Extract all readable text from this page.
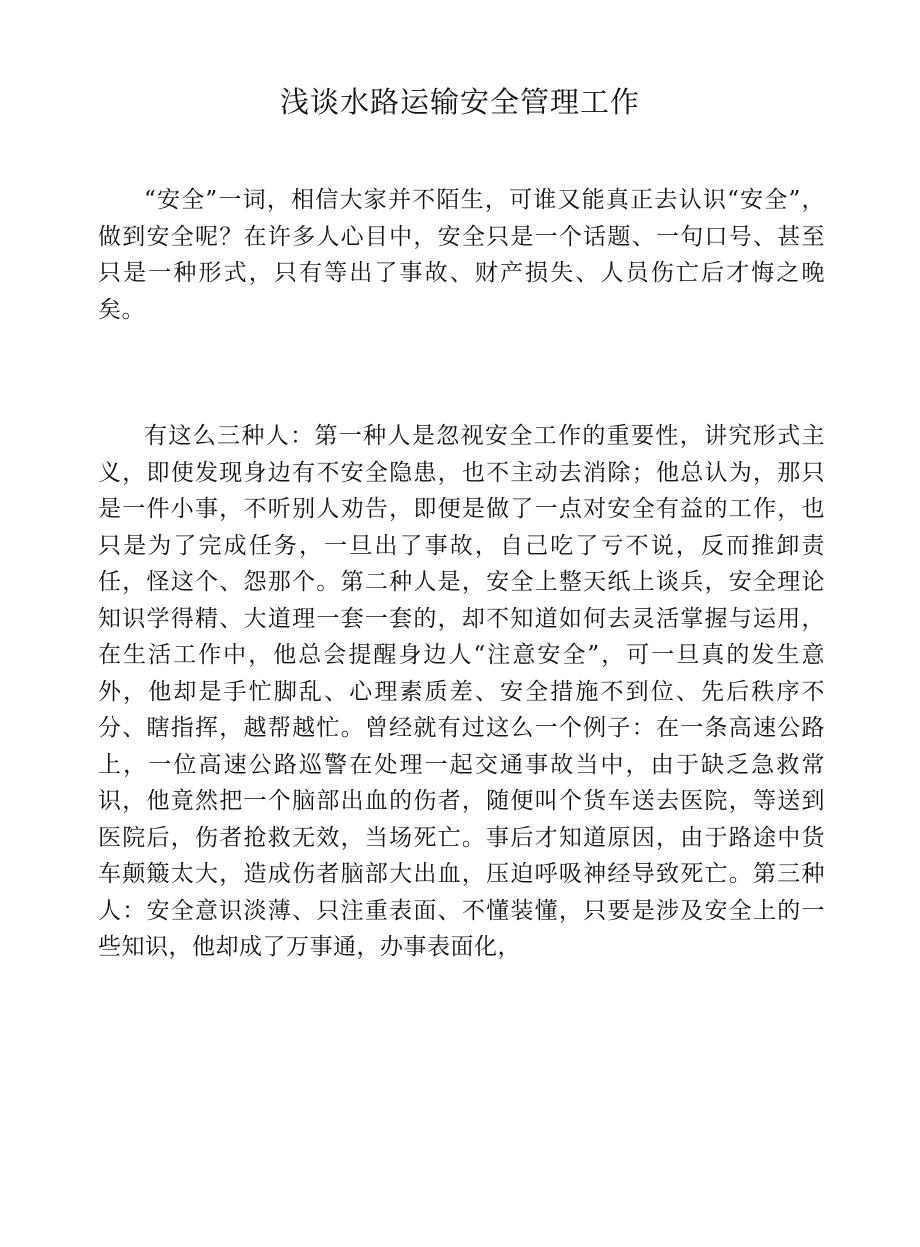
浅谈水路运输安全管理工作

“安全”一词，相信大家并不陌生，可谁又能真正去认识“安全”，做到安全呢？在许多人心目中，安全只是一个话题、一句口号、甚至只是一种形式，只有等出了事故、财产损失、人员伤亡后才悔之晚矣。

有这么三种人：第一种人是忽视安全工作的重要性，讲究形式主义，即使发现身边有不安全隐患，也不主动去消除；他总认为，那只是一件小事，不听别人劝告，即便是做了一点对安全有益的工作，也只是为了完成任务，一旦出了事故，自己吃了亏不说，反而推卸责任，怪这个、怨那个。第二种人是，安全上整天纸上谈兵，安全理论知识学得精、大道理一套一套的，却不知道如何去灵活掌握与运用，在生活工作中，他总会提醒身边人“注意安全”，可一旦真的发生意外，他却是手忙脚乱、心理素质差、安全措施不到位、先后秩序不分、瞎指挥，越帮越忙。曾经就有过这么一个例子：在一条高速公路上，一位高速公路巡警在处理一起交通事故当中，由于缺乏急救常识，他竟然把一个脑部出血的伤者，随便叫个货车送去医院，等送到医院后，伤者抢救无效，当场死亡。事后才知道原因，由于路途中货车颠簸太大，造成伤者脑部大出血，压迫呼吸神经导致死亡。第三种人：安全意识淡薄、只注重表面、不懂装懂，只要是涉及安全上的一些知识，他却成了万事通，办事表面化，
